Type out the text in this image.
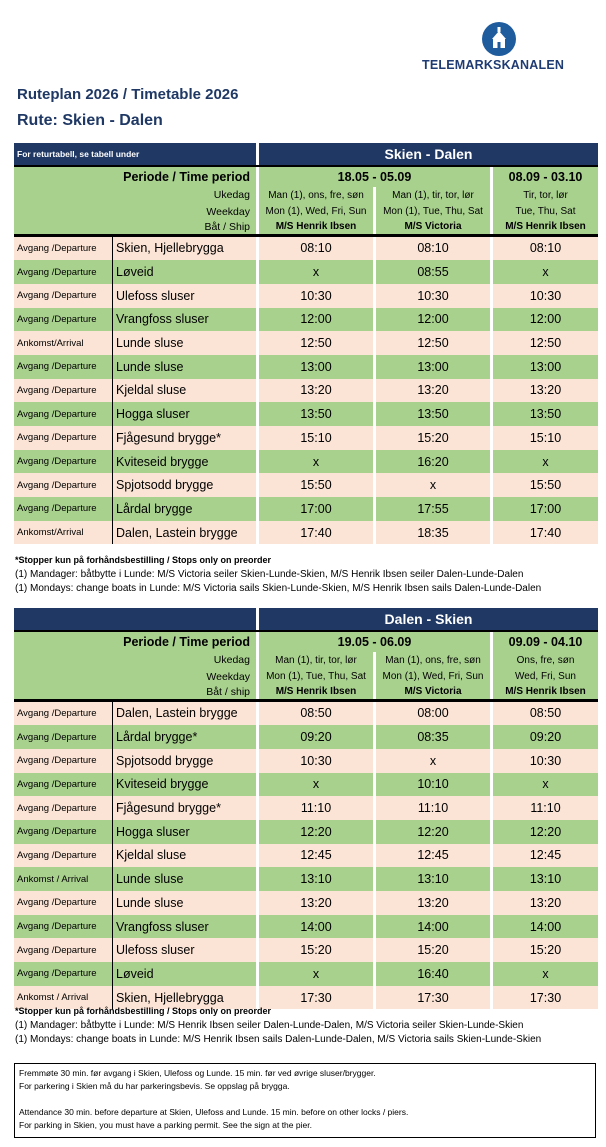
TELEMARKSKANALEN
Ruteplan 2026 / Timetable 2026
Rute: Skien - Dalen
For returtabell, se tabell under			Skien - Dalen				
Periode / Time period			18.05 - 05.09				08.09 - 03.10
Ukedag			Man (1), ons, fre, søn		Man (1), tir, tor, lør		Tir, tor, lør
Weekday			Mon (1), Wed, Fri, Sun		Mon (1), Tue, Thu, Sat		Tue, Thu, Sat
Båt / Ship			M/S Henrik Ibsen		M/S Victoria		M/S Henrik Ibsen
Avgang /Departure	Skien, Hjellebrygga		08:10		08:10		08:10
Avgang /Departure	Løveid		x		08:55		x
Avgang /Departure	Ulefoss sluser		10:30		10:30		10:30
Avgang /Departure	Vrangfoss sluser		12:00		12:00		12:00
Ankomst/Arrival	Lunde sluse		12:50		12:50		12:50
Avgang /Departure	Lunde sluse		13:00		13:00		13:00
Avgang /Departure	Kjeldal sluse		13:20		13:20		13:20
Avgang /Departure	Hogga sluser		13:50		13:50		13:50
Avgang /Departure	Fjågesund brygge*		15:10		15:20		15:10
Avgang /Departure	Kviteseid brygge		x		16:20		x
Avgang /Departure	Spjotsodd brygge		15:50		x		15:50
Avgang /Departure	Lårdal brygge		17:00		17:55		17:00
Ankomst/Arrival	Dalen, Lastein brygge		17:40		18:35		17:40
*Stopper kun på forhåndsbestilling / Stops only on preorder
(1) Mandager: båtbytte i Lunde: M/S Victoria seiler Skien-Lunde-Skien, M/S Henrik Ibsen seiler Dalen-Lunde-Dalen
(1) Mondays: change boats in Lunde: M/S Victoria sails Skien-Lunde-Skien, M/S Henrik Ibsen sails Dalen-Lunde-Dalen
			Dalen - Skien				
Periode / Time period			19.05 - 06.09				09.09 - 04.10
Ukedag			Man (1), tir, tor, lør		Man (1), ons, fre, søn		Ons, fre, søn
Weekday			Mon (1), Tue, Thu, Sat		Mon (1), Wed, Fri, Sun		Wed, Fri, Sun
Båt / ship			M/S Henrik Ibsen		M/S Victoria		M/S Henrik Ibsen
Avgang /Departure	Dalen, Lastein brygge		08:50		08:00		08:50
Avgang /Departure	Lårdal brygge*		09:20		08:35		09:20
Avgang /Departure	Spjotsodd brygge		10:30		x		10:30
Avgang /Departure	Kviteseid brygge		x		10:10		x
Avgang /Departure	Fjågesund brygge*		11:10		11:10		11:10
Avgang /Departure	Hogga sluser		12:20		12:20		12:20
Avgang /Departure	Kjeldal sluse		12:45		12:45		12:45
Ankomst / Arrival	Lunde sluse		13:10		13:10		13:10
Avgang /Departure	Lunde sluse		13:20		13:20		13:20
Avgang /Departure	Vrangfoss sluser		14:00		14:00		14:00
Avgang /Departure	Ulefoss sluser		15:20		15:20		15:20
Avgang /Departure	Løveid		x		16:40		x
Ankomst / Arrival	Skien, Hjellebrygga		17:30		17:30		17:30
*Stopper kun på forhåndsbestilling / Stops only on preorder
(1) Mandager: båtbytte i Lunde: M/S Henrik Ibsen seiler Dalen-Lunde-Dalen, M/S Victoria seiler Skien-Lunde-Skien
(1) Mondays: change boats in Lunde: M/S Henrik Ibsen sails Dalen-Lunde-Dalen, M/S Victoria sails Skien-Lunde-Skien
Fremmøte 30 min. før avgang i Skien, Ulefoss og Lunde. 15 min. før ved øvrige sluser/brygger.
For parkering i Skien må du har parkeringsbevis. Se oppslag på brygga.
Attendance 30 min. before departure at Skien, Ulefoss and Lunde. 15 min. before on other locks / piers.
For parking in Skien, you must have a parking permit. See the sign at the pier.
